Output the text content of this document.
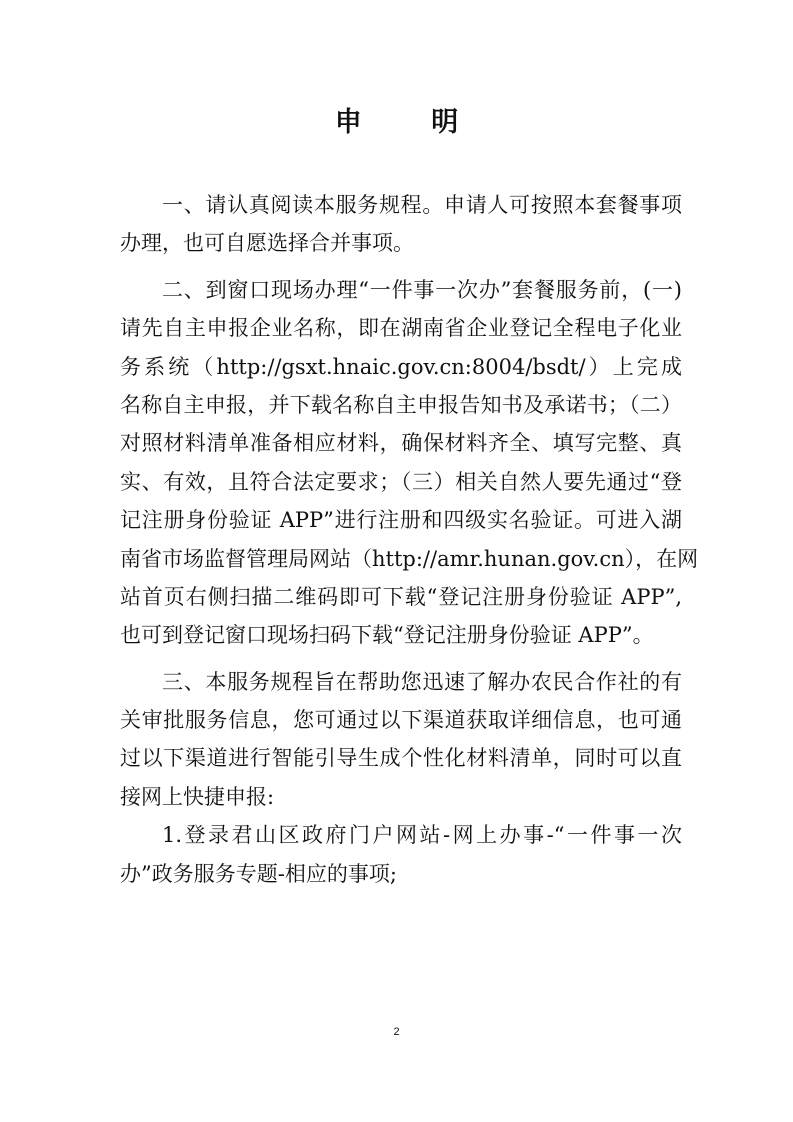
申 明
一、请认真阅读本服务规程。申请人可按照本套餐事项
办理，也可自愿选择合并事项。
二、到窗口现场办理“一件事一次办”套餐服务前，(一)
请先自主申报企业名称，即在湖南省企业登记全程电子化业
务系统（http://gsxt.hnaic.gov.cn:8004/bsdt/）上完成
名称自主申报，并下载名称自主申报告知书及承诺书；（二）
对照材料清单准备相应材料，确保材料齐全、填写完整、真
实、有效，且符合法定要求；（三）相关自然人要先通过“登
记注册身份验证 APP”进行注册和四级实名验证。可进入湖
南省市场监督管理局网站（http://amr.hunan.gov.cn），在网
站首页右侧扫描二维码即可下载“登记注册身份验证 APP”,
也可到登记窗口现场扫码下载“登记注册身份验证 APP”。
三、本服务规程旨在帮助您迅速了解办农民合作社的有
关审批服务信息，您可通过以下渠道获取详细信息，也可通
过以下渠道进行智能引导生成个性化材料清单，同时可以直
接网上快捷申报:
1.登录君山区政府门户网站-网上办事-“一件事一次
办”政务服务专题-相应的事项;
2
